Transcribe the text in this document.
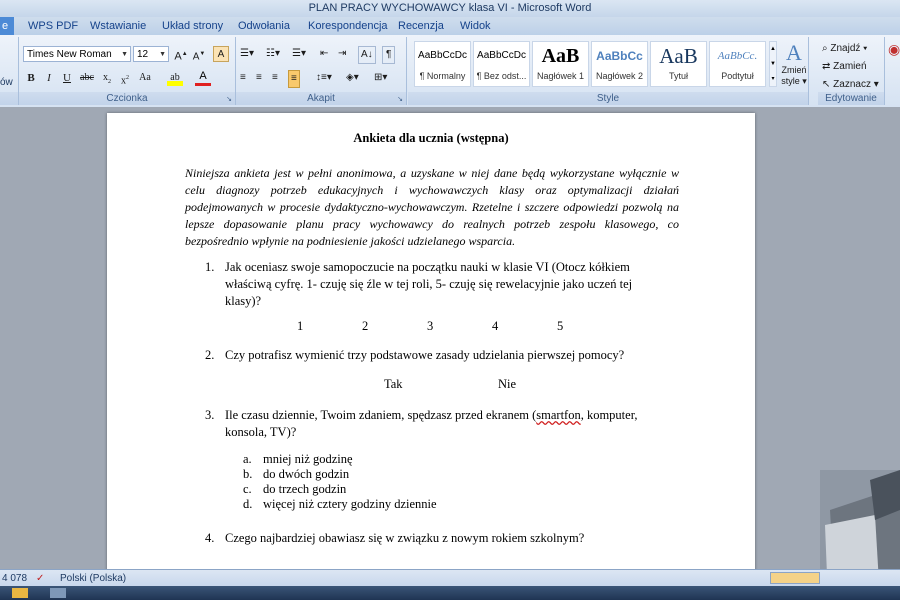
PLAN PRACY WYCHOWAWCY klasa VI - Microsoft Word
e	WPS PDF Wstawianie Układ strony Odwołania Korespondencja Recenzja Widok
ów
Times New Roman ▼ 12 ▼ A▲ A▼	A
B	I	U abc $x_2$	$x^2$	Aa	ab	A
Czcionka	↘
☰▾ ☷▾ ☰▾ ⇤ ⇥	A↓	¶
≡ ≡ ≡	≡	↕≡▾ ◈▾ ⊞▾
Akapit	↘
AaBbCcDc
¶ Normalny
AaBbCcDc
¶ Bez odst...
AaB
Nagłówek 1
AaBbCc
Nagłówek 2
AaB
Tytuł
AaBbCc.
Podtytuł
▲
▼
▾
A
Zmień
style ▾
Style
⌕ Znajdź ▾
⇄ Zamień
↖ Zaznacz ▾
Edytowanie
◉
Ankieta dla ucznia (wstępna)
Niniejsza ankieta jest w pełni anonimowa, a uzyskane w niej dane będą wykorzystane wyłącznie w celu diagnozy potrzeb edukacyjnych i wychowawczych klasy oraz optymalizacji działań podejmowanych w procesie dydaktyczno-wychowawczym. Rzetelne i szczere odpowiedzi pozwolą na lepsze dopasowanie planu pracy wychowawcy do realnych potrzeb zespołu klasowego, co bezpośrednio wpłynie na podniesienie jakości udzielanego wsparcia.
1. Jak oceniasz swoje samopoczucie na początku nauki w klasie VI (Otocz kółkiem właściwą cyfrę. 1- czuję się źle w tej roli, 5- czuję się rewelacyjnie jako uczeń tej klasy)?
1	2	3	4	5
2. Czy potrafisz wymienić trzy podstawowe zasady udzielania pierwszej pomocy?
Tak	Nie
3. Ile czasu dziennie, Twoim zdaniem, spędzasz przed ekranem (smartfon, komputer, konsola, TV)?
a. mniej niż godzinę
b. do dwóch godzin
c. do trzech godzin
d. więcej niż cztery godziny dziennie
4. Czego najbardziej obawiasz się w związku z nowym rokiem szkolnym?
4 078 ✓ Polski (Polska)
